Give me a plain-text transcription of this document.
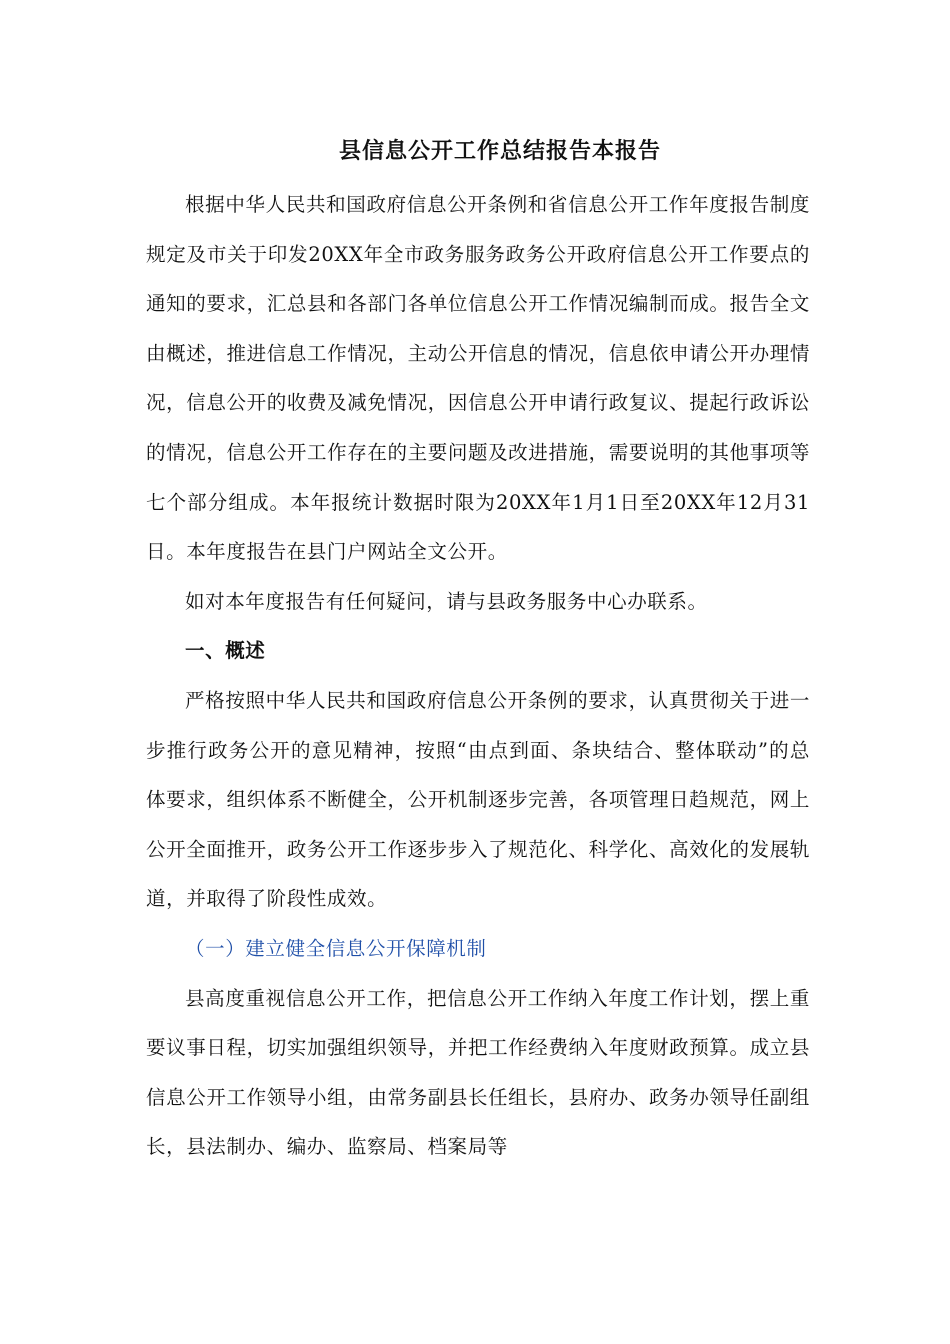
县信息公开工作总结报告本报告

根据中华人民共和国政府信息公开条例和省信息公开工作年度报告制度规定及市关于印发20XX年全市政务服务政务公开政府信息公开工作要点的通知的要求，汇总县和各部门各单位信息公开工作情况编制而成。报告全文由概述，推进信息工作情况，主动公开信息的情况，信息依申请公开办理情况，信息公开的收费及减免情况，因信息公开申请行政复议、提起行政诉讼的情况，信息公开工作存在的主要问题及改进措施，需要说明的其他事项等七个部分组成。本年报统计数据时限为20XX年1月1日至20XX年12月31日。本年度报告在县门户网站全文公开。

如对本年度报告有任何疑问，请与县政务服务中心办联系。

一、概述

严格按照中华人民共和国政府信息公开条例的要求，认真贯彻关于进一步推行政务公开的意见精神，按照“由点到面、条块结合、整体联动”的总体要求，组织体系不断健全，公开机制逐步完善，各项管理日趋规范，网上公开全面推开，政务公开工作逐步步入了规范化、科学化、高效化的发展轨道，并取得了阶段性成效。

（一）建立健全信息公开保障机制

县高度重视信息公开工作，把信息公开工作纳入年度工作计划，摆上重要议事日程，切实加强组织领导，并把工作经费纳入年度财政预算。成立县信息公开工作领导小组，由常务副县长任组长，县府办、政务办领导任副组长，县法制办、编办、监察局、档案局等
